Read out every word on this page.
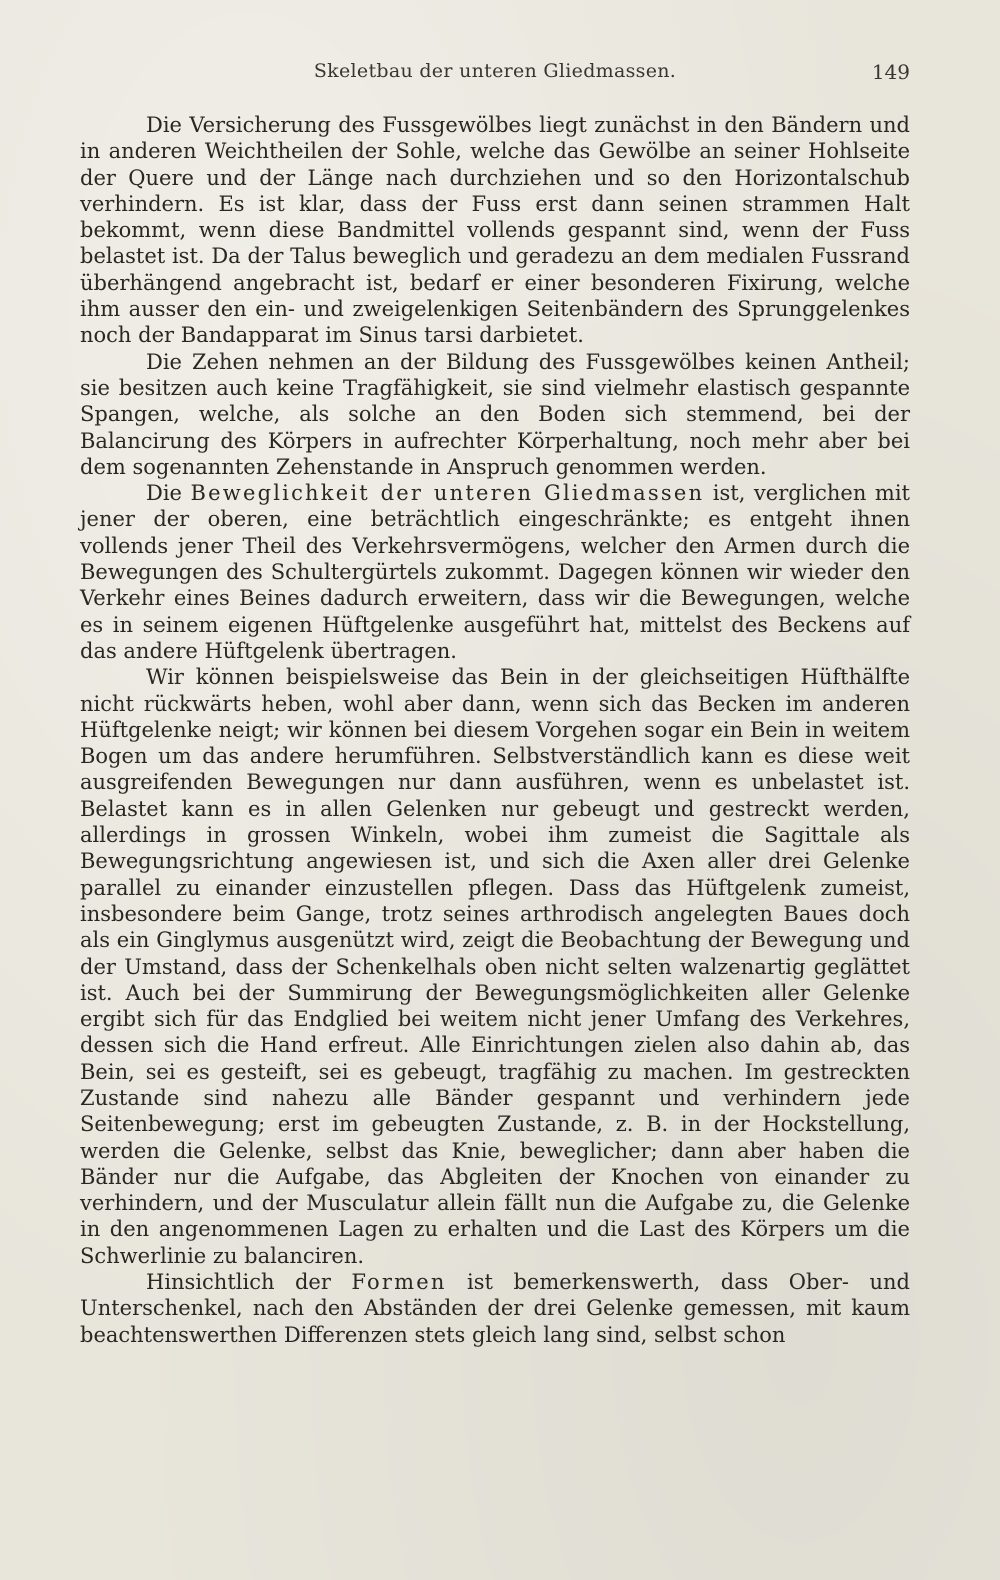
Skeletbau der unteren Gliedmassen.	149

Die Versicherung des Fussgewölbes liegt zunächst in den Bändern und in anderen Weichtheilen der Sohle, welche das Gewölbe an seiner Hohlseite der Quere und der Länge nach durchziehen und so den Horizontalschub verhindern. Es ist klar, dass der Fuss erst dann seinen strammen Halt bekommt, wenn diese Bandmittel vollends gespannt sind, wenn der Fuss belastet ist. Da der Talus beweglich und geradezu an dem medialen Fussrand überhängend angebracht ist, bedarf er einer besonderen Fixirung, welche ihm ausser den ein- und zweigelenkigen Seitenbändern des Sprunggelenkes noch der Bandapparat im Sinus tarsi darbietet.

Die Zehen nehmen an der Bildung des Fussgewölbes keinen Antheil; sie besitzen auch keine Tragfähigkeit, sie sind vielmehr elastisch gespannte Spangen, welche, als solche an den Boden sich stemmend, bei der Balancirung des Körpers in aufrechter Körperhaltung, noch mehr aber bei dem sogenannten Zehenstande in Anspruch genommen werden.

Die Beweglichkeit der unteren Gliedmassen ist, verglichen mit jener der oberen, eine beträchtlich eingeschränkte; es entgeht ihnen vollends jener Theil des Verkehrsvermögens, welcher den Armen durch die Bewegungen des Schultergürtels zukommt. Dagegen können wir wieder den Verkehr eines Beines dadurch erweitern, dass wir die Bewegungen, welche es in seinem eigenen Hüftgelenke ausgeführt hat, mittelst des Beckens auf das andere Hüftgelenk übertragen.

Wir können beispielsweise das Bein in der gleichseitigen Hüfthälfte nicht rückwärts heben, wohl aber dann, wenn sich das Becken im anderen Hüftgelenke neigt; wir können bei diesem Vorgehen sogar ein Bein in weitem Bogen um das andere herumführen. Selbstverständlich kann es diese weit ausgreifenden Bewegungen nur dann ausführen, wenn es unbelastet ist. Belastet kann es in allen Gelenken nur gebeugt und gestreckt werden, allerdings in grossen Winkeln, wobei ihm zumeist die Sagittale als Bewegungsrichtung angewiesen ist, und sich die Axen aller drei Gelenke parallel zu einander einzustellen pflegen. Dass das Hüftgelenk zumeist, insbesondere beim Gange, trotz seines arthrodisch angelegten Baues doch als ein Ginglymus ausgenützt wird, zeigt die Beobachtung der Bewegung und der Umstand, dass der Schenkelhals oben nicht selten walzenartig geglättet ist. Auch bei der Summirung der Bewegungsmöglichkeiten aller Gelenke ergibt sich für das Endglied bei weitem nicht jener Umfang des Verkehres, dessen sich die Hand erfreut. Alle Einrichtungen zielen also dahin ab, das Bein, sei es gesteift, sei es gebeugt, tragfähig zu machen. Im gestreckten Zustande sind nahezu alle Bänder gespannt und verhindern jede Seitenbewegung; erst im gebeugten Zustande, z. B. in der Hockstellung, werden die Gelenke, selbst das Knie, beweglicher; dann aber haben die Bänder nur die Aufgabe, das Abgleiten der Knochen von einander zu verhindern, und der Musculatur allein fällt nun die Aufgabe zu, die Gelenke in den angenommenen Lagen zu erhalten und die Last des Körpers um die Schwerlinie zu balanciren.

Hinsichtlich der Formen ist bemerkenswerth, dass Ober- und Unterschenkel, nach den Abständen der drei Gelenke gemessen, mit kaum beachtenswerthen Differenzen stets gleich lang sind, selbst schon
